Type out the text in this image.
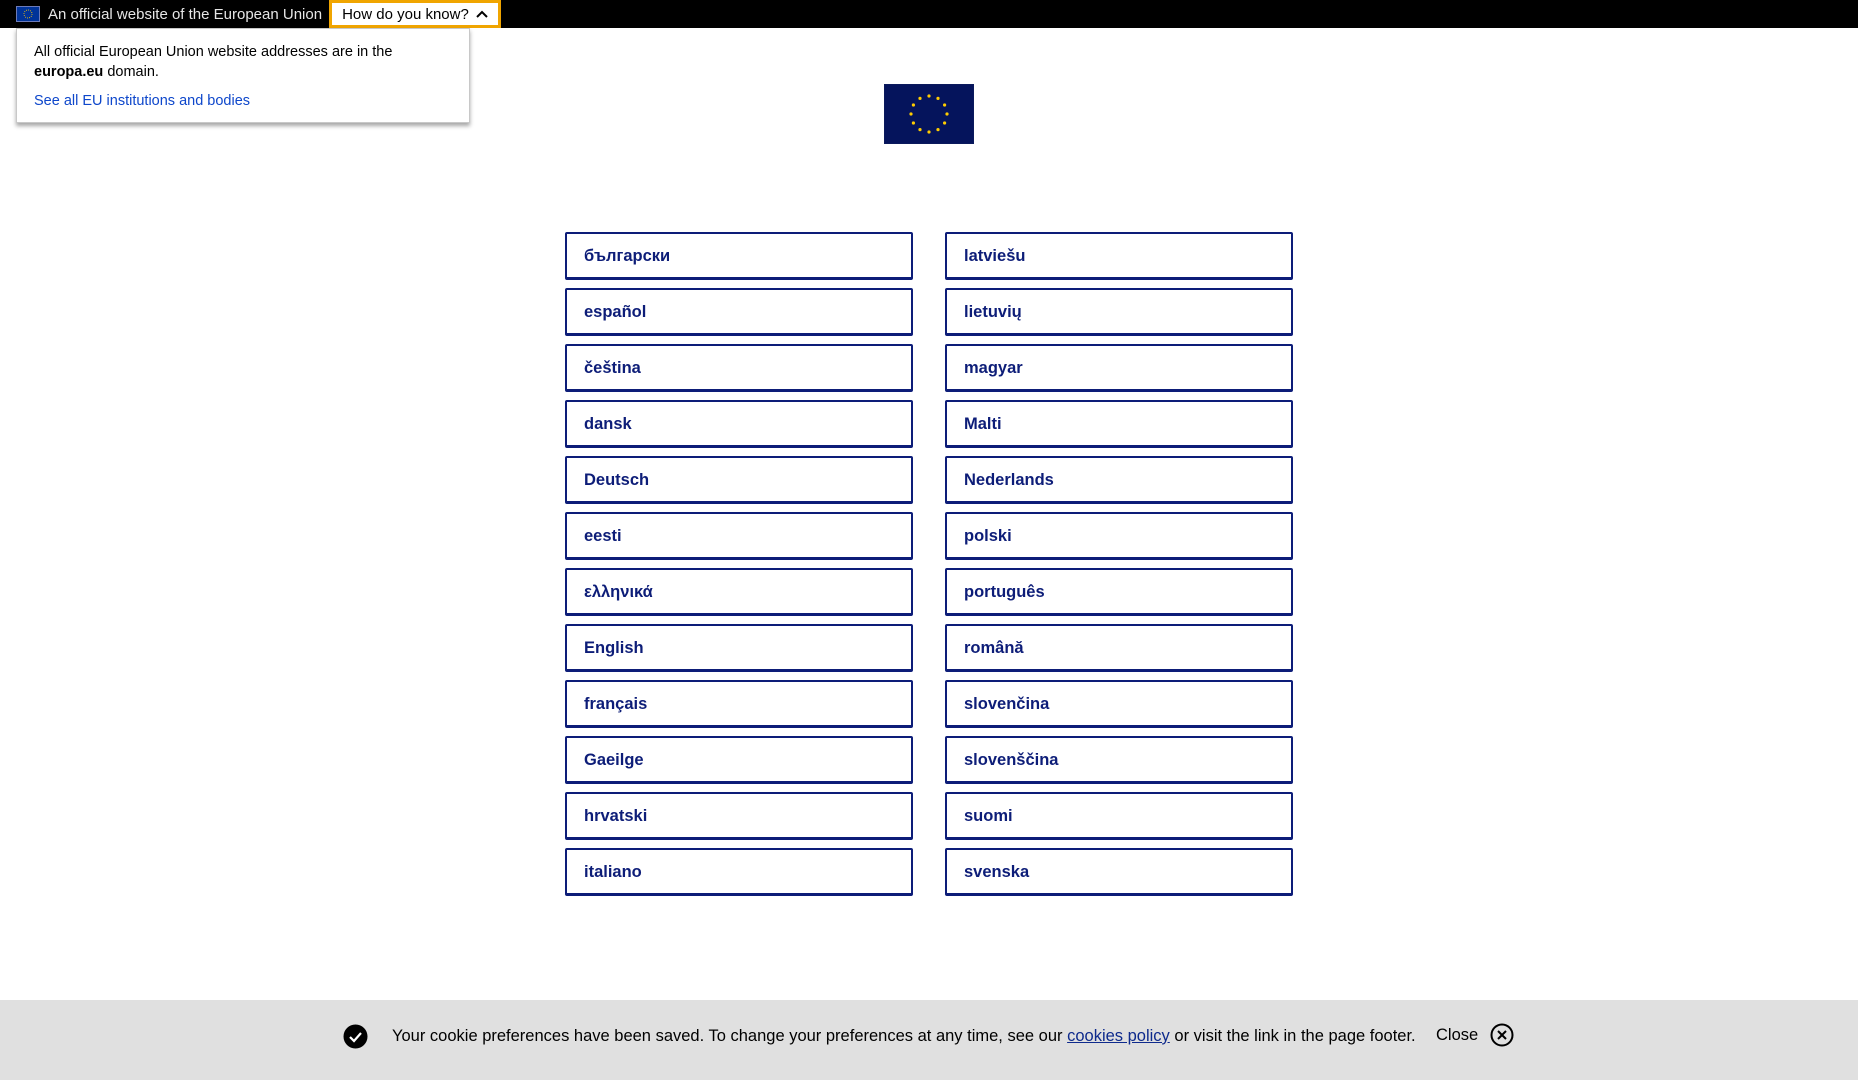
An official website of the European Union How do you know?
All official European Union website addresses are in the europa.eu domain.
See all EU institutions and bodies
български	latviešu
español	lietuvių
čeština	magyar
dansk	Malti
Deutsch	Nederlands
eesti	polski
ελληνικά	português
English	română
français	slovenčina
Gaeilge	slovenščina
hrvatski	suomi
italiano	svenska
Your cookie preferences have been saved. To change your preferences at any time, see our cookies policy or visit the link in the page footer. Close
